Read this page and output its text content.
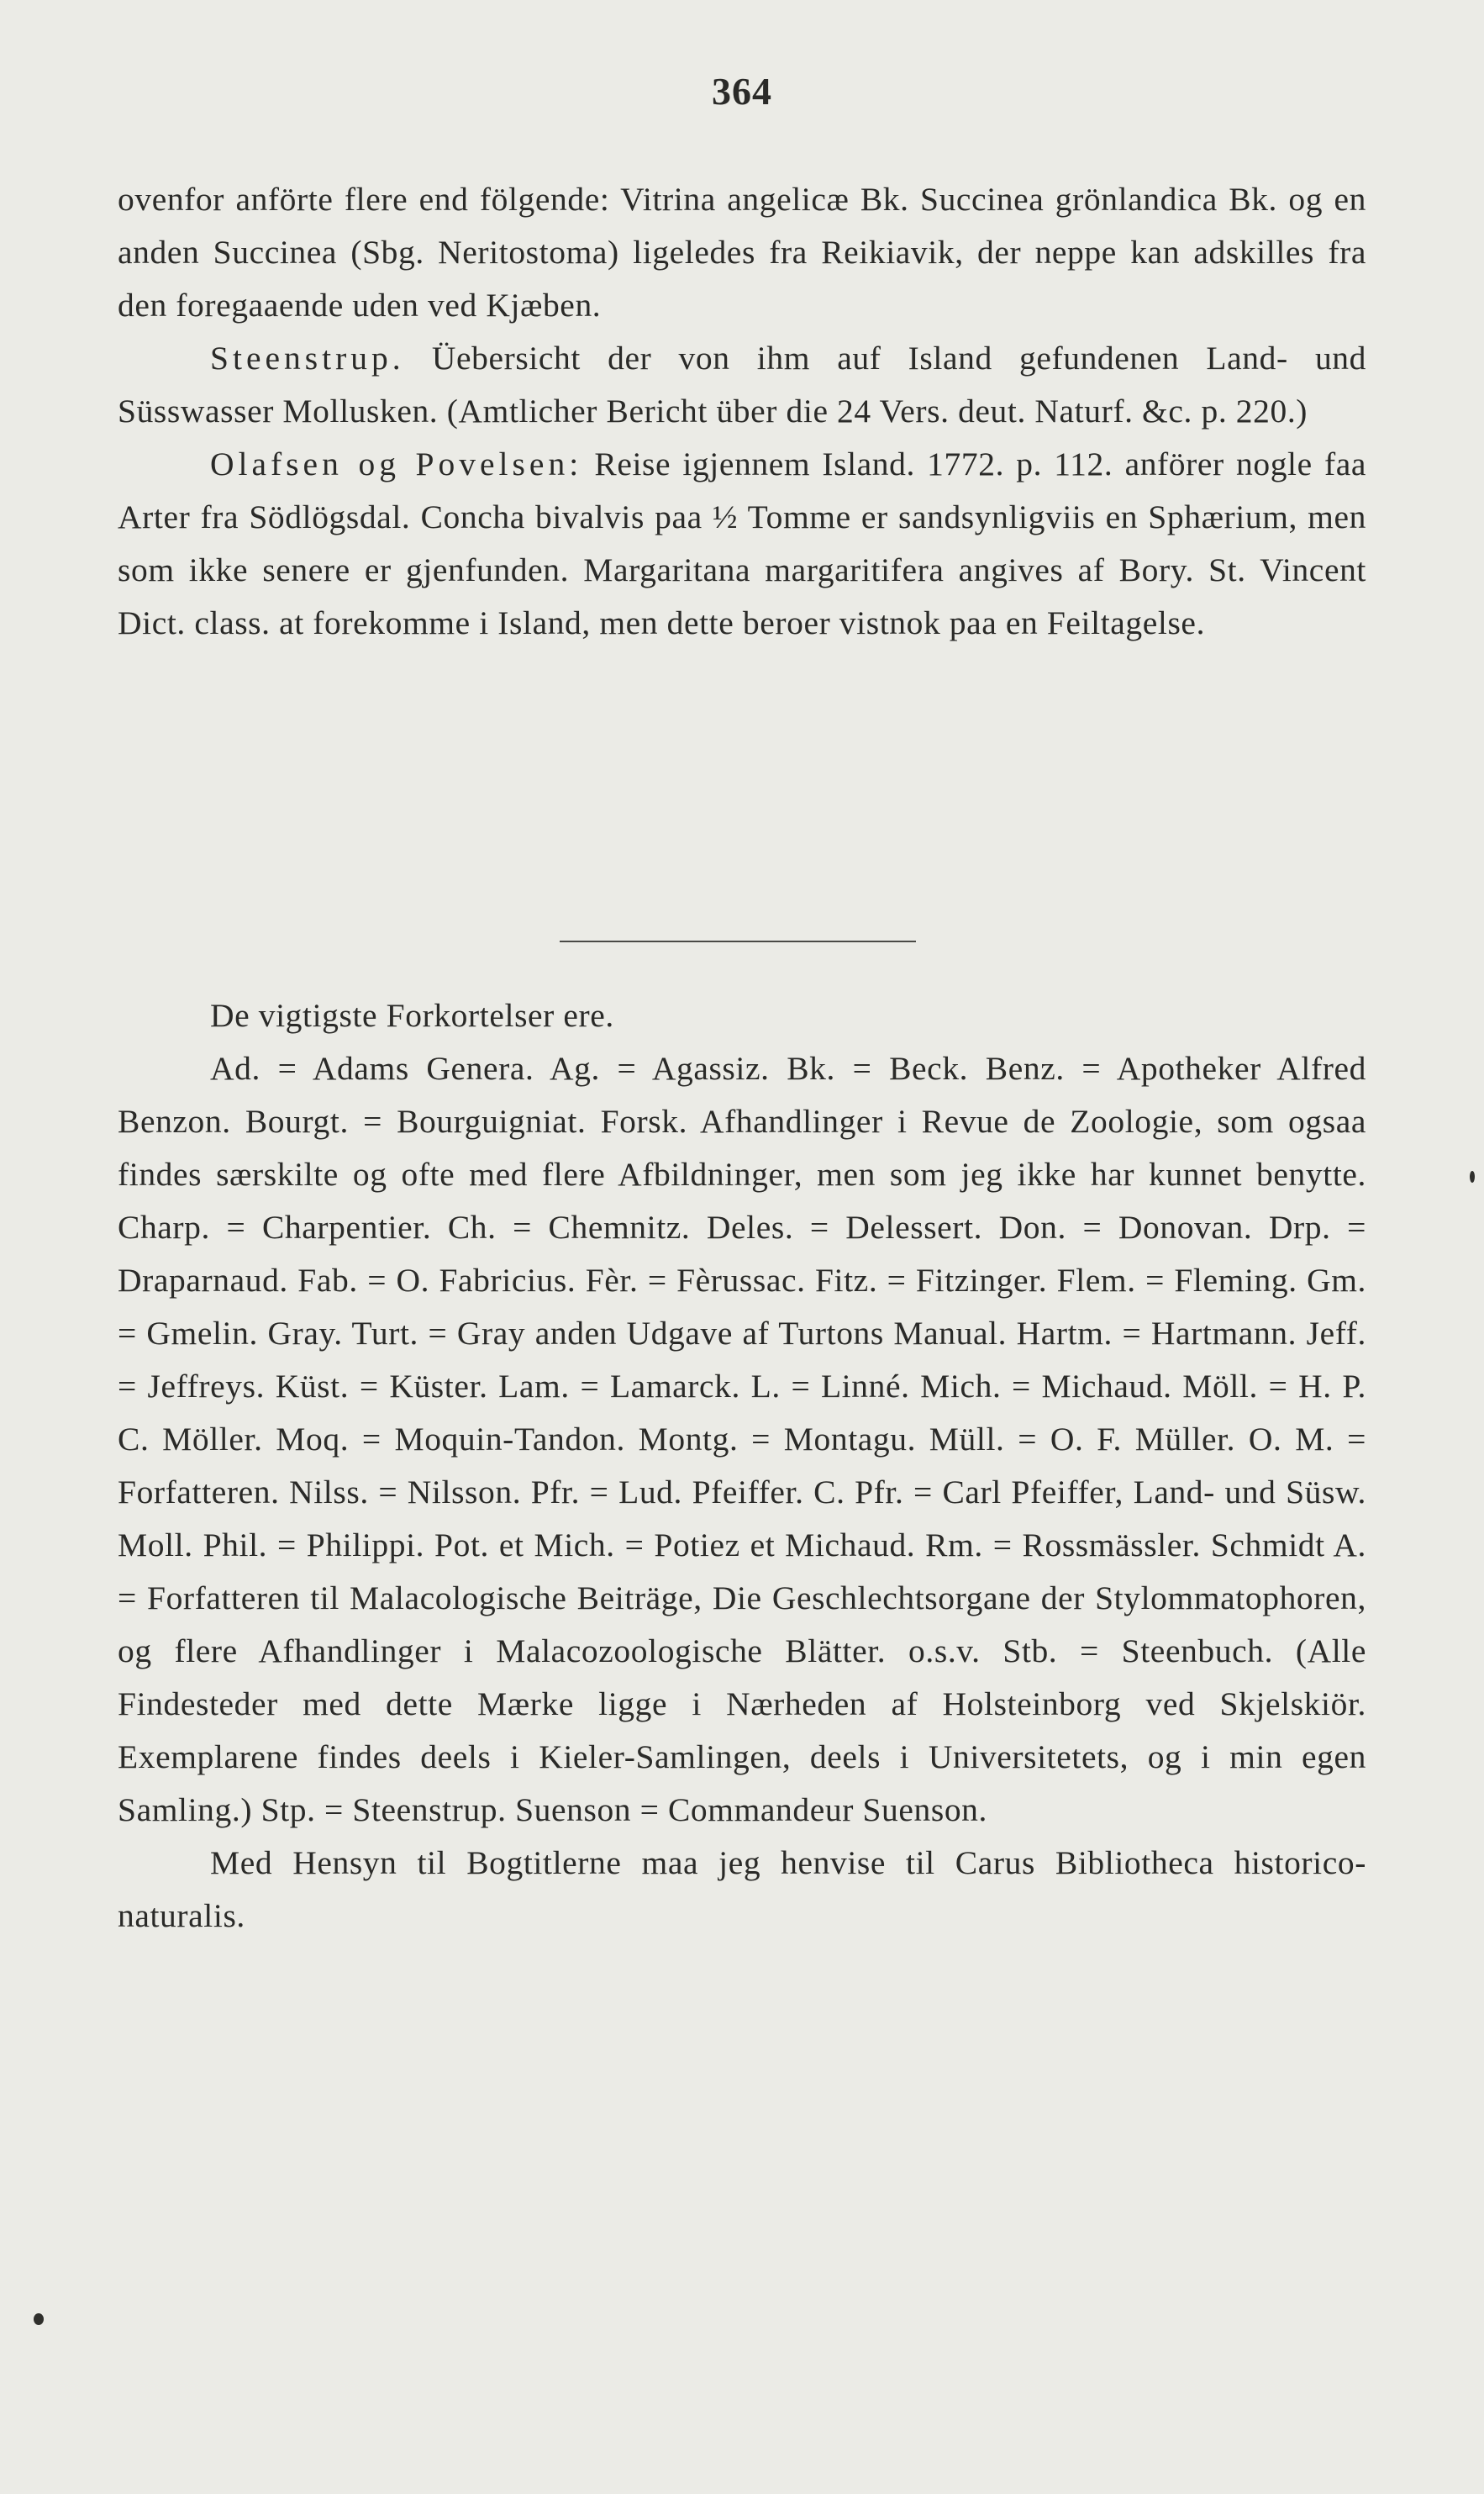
364

ovenfor anförte flere end fölgende: Vitrina angelicæ Bk. Succinea grönlandica Bk. og en anden Succinea (Sbg. Neritostoma) ligeledes fra Reikiavik, der neppe kan adskilles fra den foregaaende uden ved Kjæben.

Steenstrup. Üebersicht der von ihm auf Island gefundenen Land- und Süsswasser Mollusken. (Amtlicher Bericht über die 24 Vers. deut. Naturf. &c. p. 220.)

Olafsen og Povelsen: Reise igjennem Island. 1772. p. 112. anförer nogle faa Arter fra Södlögsdal. Concha bivalvis paa ½ Tomme er sandsynligviis en Sphærium, men som ikke senere er gjenfunden. Margaritana margaritifera angives af Bory. St. Vincent Dict. class. at forekomme i Island, men dette beroer vistnok paa en Feiltagelse.

De vigtigste Forkortelser ere.

Ad. = Adams Genera. Ag. = Agassiz. Bk. = Beck. Benz. = Apotheker Alfred Benzon. Bourgt. = Bourguigniat. Forsk. Afhandlinger i Revue de Zoologie, som ogsaa findes særskilte og ofte med flere Afbildninger, men som jeg ikke har kunnet benytte. Charp. = Charpentier. Ch. = Chemnitz. Deles. = Delessert. Don. = Donovan. Drp. = Draparnaud. Fab. = O. Fabricius. Fèr. = Fèrussac. Fitz. = Fitzinger. Flem. = Fleming. Gm. = Gmelin. Gray. Turt. = Gray anden Udgave af Turtons Manual. Hartm. = Hartmann. Jeff. = Jeffreys. Küst. = Küster. Lam. = Lamarck. L. = Linné. Mich. = Michaud. Möll. = H. P. C. Möller. Moq. = Moquin-Tandon. Montg. = Montagu. Müll. = O. F. Müller. O. M. = Forfatteren. Nilss. = Nilsson. Pfr. = Lud. Pfeiffer. C. Pfr. = Carl Pfeiffer, Land- und Süsw. Moll. Phil. = Philippi. Pot. et Mich. = Potiez et Michaud. Rm. = Rossmässler. Schmidt A. = Forfatteren til Malacologische Beiträge, Die Geschlechtsorgane der Stylommatophoren, og flere Afhandlinger i Malacozoologische Blätter. o.s.v. Stb. = Steenbuch. (Alle Findesteder med dette Mærke ligge i Nærheden af Holsteinborg ved Skjelskiör. Exemplarene findes deels i Kieler-Samlingen, deels i Universitetets, og i min egen Samling.) Stp. = Steenstrup. Suenson = Commandeur Suenson.

Med Hensyn til Bogtitlerne maa jeg henvise til Carus Bibliotheca historico-naturalis.
